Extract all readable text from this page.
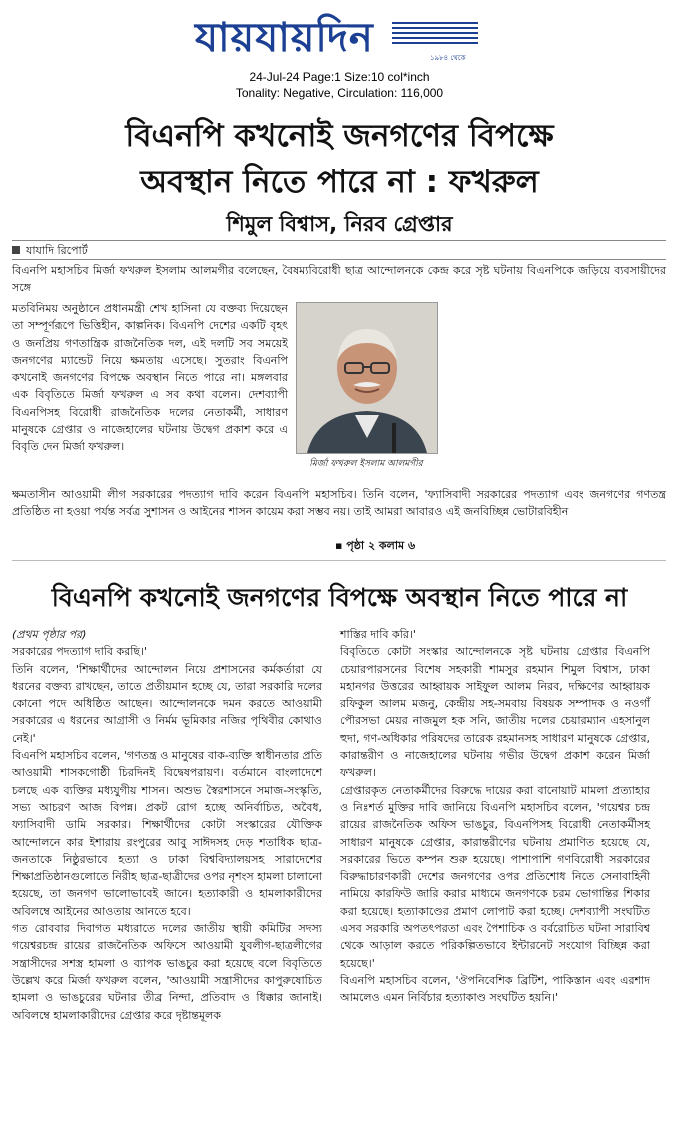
যায়যায়দিন	১৯৮৪ থেকে
24-Jul-24 Page:1 Size:10 col*inch
Tonality: Negative, Circulation: 116,000
বিএনপি কখনোই জনগণের বিপক্ষে
অবস্থান নিতে পারে না : ফখরুল
শিমুল বিশ্বাস, নিরব গ্রেপ্তার
যাযাদি রিপোর্ট
বিএনপি মহাসচিব মির্জা ফখরুল ইসলাম আলমগীর বলেছেন, বৈষম্যবিরোধী ছাত্র আন্দোলনকে কেন্দ্র করে সৃষ্ট ঘটনায় বিএনপিকে জড়িয়ে ব্যবসায়ীদের সঙ্গে
মতবিনিময় অনুষ্ঠানে প্রধানমন্ত্রী শেখ হাসিনা যে বক্তব্য দিয়েছেন তা সম্পূর্ণরূপে ভিত্তিহীন, কাল্পনিক। বিএনপি দেশের একটি বৃহৎ ও জনপ্রিয় গণতান্ত্রিক রাজনৈতিক দল, এই দলটি সব সময়েই জনগণের ম্যান্ডেট নিয়ে ক্ষমতায় এসেছে। সুতরাং বিএনপি কখনোই জনগণের বিপক্ষে অবস্থান নিতে পারে না। মঙ্গলবার এক বিবৃতিতে মির্জা ফখরুল এ সব কথা বলেন। দেশব্যাপী বিএনপিসহ বিরোধী রাজনৈতিক দলের নেতাকর্মী, সাধারণ মানুষকে গ্রেপ্তার ও নাজেহালের ঘটনায় উদ্বেগ প্রকাশ করে এ বিবৃতি দেন মির্জা ফখরুল।
মির্জা ফখরুল ইসলাম আলমগীর
ক্ষমতাসীন আওয়ামী লীগ সরকারের পদত্যাগ দাবি করেন বিএনপি মহাসচিব। তিনি বলেন, 'ফ্যাসিবাদী সরকারের পদত্যাগ এবং জনগণের গণতন্ত্র প্রতিষ্ঠিত না হওয়া পর্যন্ত সর্বত্র সুশাসন ও আইনের শাসন কায়েম করা সম্ভব নয়। তাই আমরা আবারও এই জনবিচ্ছিন্ন ভোটারবিহীন
▪ পৃষ্ঠা ২ কলাম ৬
বিএনপি কখনোই জনগণের বিপক্ষে অবস্থান নিতে পারে না
(প্রথম পৃষ্ঠার পর)
সরকারের পদত্যাগ দাবি করছি।'
তিনি বলেন, 'শিক্ষার্থীদের আন্দোলন নিয়ে প্রশাসনের কর্মকর্তারা যে ধরনের বক্তব্য রাখছেন, তাতে প্রতীয়মান হচ্ছে যে, তারা সরকারি দলের কোনো পদে অধিষ্ঠিত আছেন। আন্দোলনকে দমন করতে আওয়ামী সরকারের এ ধরনের আগ্রাসী ও নির্মম ভূমিকার নজির পৃথিবীর কোথাও নেই।'
বিএনপি মহাসচিব বলেন, 'গণতন্ত্র ও মানুষের বাক-ব্যক্তি স্বাধীনতার প্রতি আওয়ামী শাসকগোষ্ঠী চিরদিনই বিদ্বেষপরায়ণ। বর্তমানে বাংলাদেশে চলছে এক ব্যক্তির মধ্যযুগীয় শাসন। অশুভ স্বৈরশাসনে সমাজ-সংস্কৃতি, সভ্য আচরণ আজ বিপন্ন। প্রকট রোগ হচ্ছে অনির্বাচিত, অবৈধ, ফ্যাসিবাদী ডামি সরকার। শিক্ষার্থীদের কোটা সংস্কারের যৌক্তিক আন্দোলনে কার ইশারায় রংপুরের আবু সাঈদসহ দেড় শতাধিক ছাত্র-জনতাকে নিষ্ঠুরভাবে হত্যা ও ঢাকা বিশ্ববিদ্যালয়সহ সারাদেশের শিক্ষাপ্রতিষ্ঠানগুলোতে নিরীহ ছাত্র-ছাত্রীদের ওপর নৃশংস হামলা চালানো হয়েছে, তা জনগণ ভালোভাবেই জানে। হত্যাকারী ও হামলাকারীদের অবিলম্বে আইনের আওতায় আনতে হবে।
গত রোববার দিবাগত মধ্যরাতে দলের জাতীয় স্থায়ী কমিটির সদস্য গয়েশ্বরচন্দ্র রায়ের রাজনৈতিক অফিসে আওয়ামী যুবলীগ-ছাত্রলীগের সন্ত্রাসীদের সশস্ত্র হামলা ও ব্যাপক ভাঙচুর করা হয়েছে বলে বিবৃতিতে উল্লেখ করে মির্জা ফখরুল বলেন, 'আওয়ামী সন্ত্রাসীদের কাপুরুষোচিত হামলা ও ভাঙচুরের ঘটনার তীব্র নিন্দা, প্রতিবাদ ও ধিক্কার জানাই। অবিলম্বে হামলাকারীদের গ্রেপ্তার করে দৃষ্টান্তমূলক
শাস্তির দাবি করি।'
বিবৃতিতে কোটা সংস্কার আন্দোলনকে সৃষ্ট ঘটনায় গ্রেপ্তার বিএনপি চেয়ারপারসনের বিশেষ সহকারী শামসুর রহমান শিমুল বিশ্বাস, ঢাকা মহানগর উত্তরের আহ্বায়ক সাইফুল আলম নিরব, দক্ষিণের আহ্বায়ক রফিকুল আলম মজনু, কেন্দ্রীয় সহ-সমবায় বিষয়ক সম্পাদক ও নওগাঁ পৌরসভা মেয়র নাজমুল হক সনি, জাতীয় দলের চেয়ারম্যান এহসানুল হুদা, গণ-অধিকার পরিষদের তারেক রহমানসহ সাধারণ মানুষকে গ্রেপ্তার, কারান্তরীণ ও নাজেহালের ঘটনায় গভীর উদ্বেগ প্রকাশ করেন মির্জা ফখরুল।
গ্রেপ্তারকৃত নেতাকর্মীদের বিরুদ্ধে দায়ের করা বানোয়াট মামলা প্রত্যাহার ও নিঃশর্ত মুক্তির দাবি জানিয়ে বিএনপি মহাসচিব বলেন, 'গয়েশ্বর চন্দ্র রায়ের রাজনৈতিক অফিস ভাঙচুর, বিএনপিসহ বিরোধী নেতাকর্মীসহ সাধারণ মানুষকে গ্রেপ্তার, কারান্তরীণের ঘটনায় প্রমাণিত হয়েছে যে, সরকারের ভিতে কম্পন শুরু হয়েছে। পাশাপাশি গণবিরোধী সরকারের বিরুদ্ধাচারণকারী দেশের জনগণের ওপর প্রতিশোধ নিতে সেনাবাহিনী নামিয়ে কারফিউ জারি করার মাধ্যমে জনগণকে চরম ভোগান্তির শিকার করা হয়েছে। হত্যাকাণ্ডের প্রমাণ লোপাট করা হচ্ছে। দেশব্যাপী সংঘটিত এসব সরকারি অপতৎপরতা এবং পৈশাচিক ও বর্বরোচিত ঘটনা সারাবিশ্ব থেকে আড়াল করতে পরিকল্পিতভাবে ইন্টারনেট সংযোগ বিচ্ছিন্ন করা হয়েছে।'
বিএনপি মহাসচিব বলেন, 'ঔপনিবেশিক ব্রিটিশ, পাকিস্তান এবং এরশাদ আমলেও এমন নির্বিচার হত্যাকাণ্ড সংঘটিত হয়নি।'
